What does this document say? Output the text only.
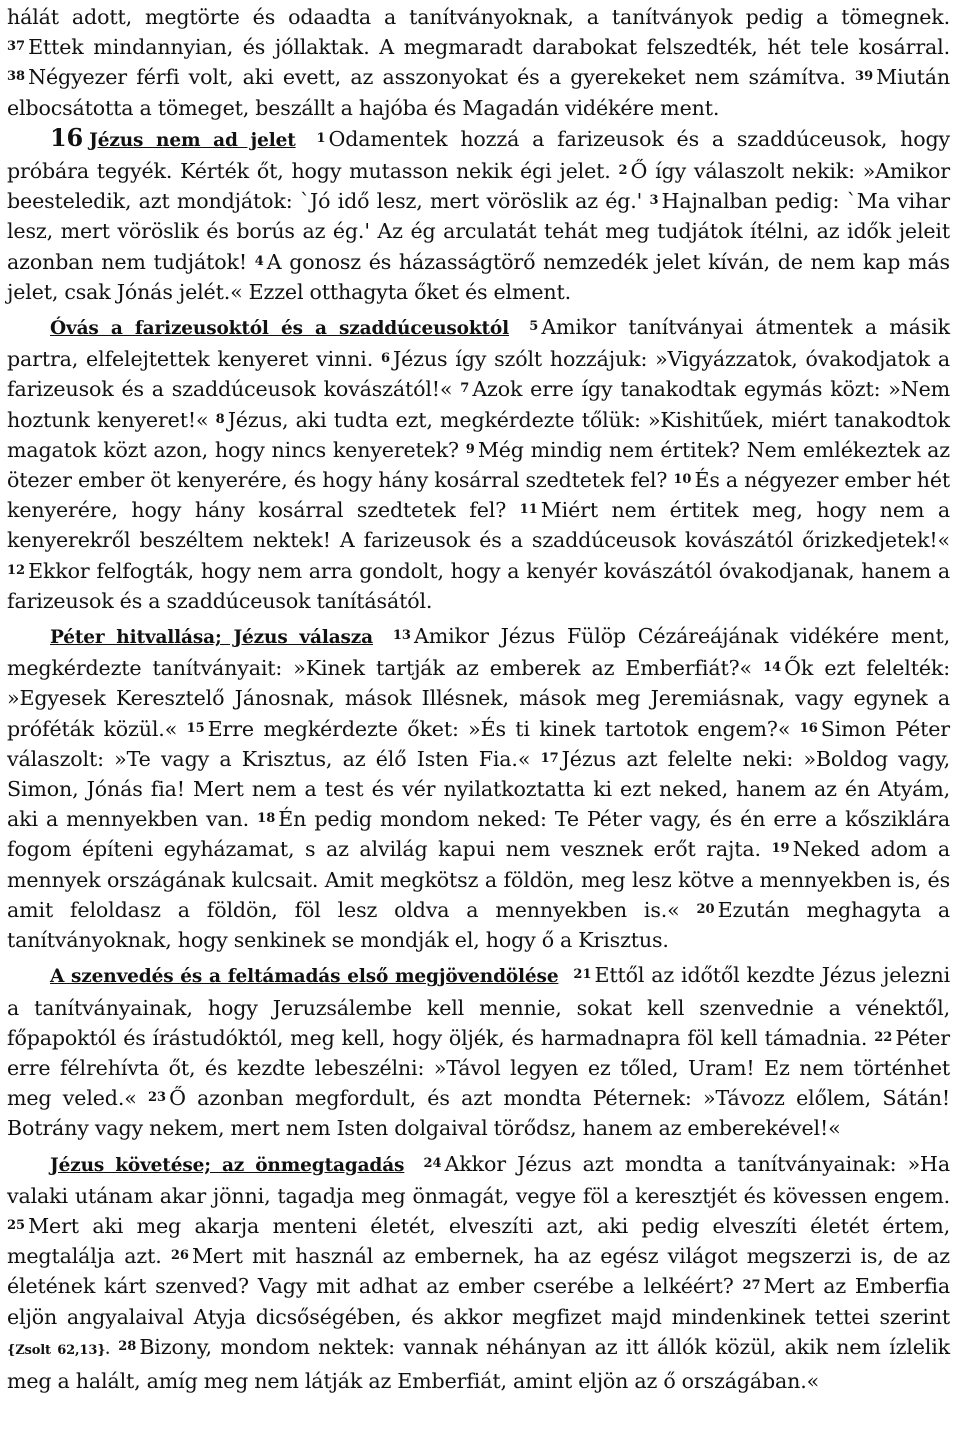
hálát adott, megtörte és odaadta a tanítványoknak, a tanítványok pedig a tömegnek. 37 Ettek mindannyian, és jóllaktak. A megmaradt darabokat felszedték, hét tele kosárral. 38 Négyezer férfi volt, aki evett, az asszonyokat és a gyerekeket nem számítva. 39 Miután elbocsátotta a tömeget, beszállt a hajóba és Magadán vidékére ment.

16 Jézus nem ad jelet 1 Odamentek hozzá a farizeusok és a szaddúceusok, hogy próbára tegyék. Kérték őt, hogy mutasson nekik égi jelet. 2 Ő így válaszolt nekik: »Amikor beesteledik, azt mondjátok: `Jó idő lesz, mert vöröslik az ég.' 3 Hajnalban pedig: `Ma vihar lesz, mert vöröslik és borús az ég.' Az ég arculatát tehát meg tudjátok ítélni, az idők jeleit azonban nem tudjátok! 4 A gonosz és házasságtörő nemzedék jelet kíván, de nem kap más jelet, csak Jónás jelét.« Ezzel otthagyta őket és elment.

Óvás a farizeusoktól és a szaddúceusoktól 5 Amikor tanítványai átmentek a másik partra, elfelejtettek kenyeret vinni. 6 Jézus így szólt hozzájuk: »Vigyázzatok, óvakodjatok a farizeusok és a szaddúceusok kovászától!« 7 Azok erre így tanakodtak egymás közt: »Nem hoztunk kenyeret!« 8 Jézus, aki tudta ezt, megkérdezte tőlük: »Kishitűek, miért tanakodtok magatok közt azon, hogy nincs kenyeretek? 9 Még mindig nem értitek? Nem emlékeztek az ötezer ember öt kenyerére, és hogy hány kosárral szedtetek fel? 10 És a négyezer ember hét kenyerére, hogy hány kosárral szedtetek fel? 11 Miért nem értitek meg, hogy nem a kenyerekről beszéltem nektek! A farizeusok és a szaddúceusok kovászától őrizkedjetek!« 12 Ekkor felfogták, hogy nem arra gondolt, hogy a kenyér kovászától óvakodjanak, hanem a farizeusok és a szaddúceusok tanításától.

Péter hitvallása; Jézus válasza 13 Amikor Jézus Fülöp Cézáreájának vidékére ment, megkérdezte tanítványait: »Kinek tartják az emberek az Emberfiát?« 14 Ők ezt felelték: »Egyesek Keresztelő Jánosnak, mások Illésnek, mások meg Jeremiásnak, vagy egynek a próféták közül.« 15 Erre megkérdezte őket: »És ti kinek tartotok engem?« 16 Simon Péter válaszolt: »Te vagy a Krisztus, az élő Isten Fia.« 17 Jézus azt felelte neki: »Boldog vagy, Simon, Jónás fia! Mert nem a test és vér nyilatkoztatta ki ezt neked, hanem az én Atyám, aki a mennyekben van. 18 Én pedig mondom neked: Te Péter vagy, és én erre a kősziklára fogom építeni egyházamat, s az alvilág kapui nem vesznek erőt rajta. 19 Neked adom a mennyek országának kulcsait. Amit megkötsz a földön, meg lesz kötve a mennyekben is, és amit feloldasz a földön, föl lesz oldva a mennyekben is.« 20 Ezután meghagyta a tanítványoknak, hogy senkinek se mondják el, hogy ő a Krisztus.

A szenvedés és a feltámadás első megjövendölése 21 Ettől az időtől kezdte Jézus jelezni a tanítványainak, hogy Jeruzsálembe kell mennie, sokat kell szenvednie a vénektől, főpapoktól és írástudóktól, meg kell, hogy öljék, és harmadnapra föl kell támadnia. 22 Péter erre félrehívta őt, és kezdte lebeszélni: »Távol legyen ez tőled, Uram! Ez nem történhet meg veled.« 23 Ő azonban megfordult, és azt mondta Péternek: »Távozz előlem, Sátán! Botrány vagy nekem, mert nem Isten dolgaival törődsz, hanem az emberekével!«

Jézus követése; az önmegtagadás 24 Akkor Jézus azt mondta a tanítványainak: »Ha valaki utánam akar jönni, tagadja meg önmagát, vegye föl a keresztjét és kövessen engem. 25 Mert aki meg akarja menteni életét, elveszíti azt, aki pedig elveszíti életét értem, megtalálja azt. 26 Mert mit használ az embernek, ha az egész világot megszerzi is, de az életének kárt szenved? Vagy mit adhat az ember cserébe a lelkéért? 27 Mert az Emberfia eljön angyalaival Atyja dicsőségében, és akkor megfizet majd mindenkinek tettei szerint {Zsolt 62,13}. 28 Bizony, mondom nektek: vannak néhányan az itt állók közül, akik nem ízlelik meg a halált, amíg meg nem látják az Emberfiát, amint eljön az ő országában.«
